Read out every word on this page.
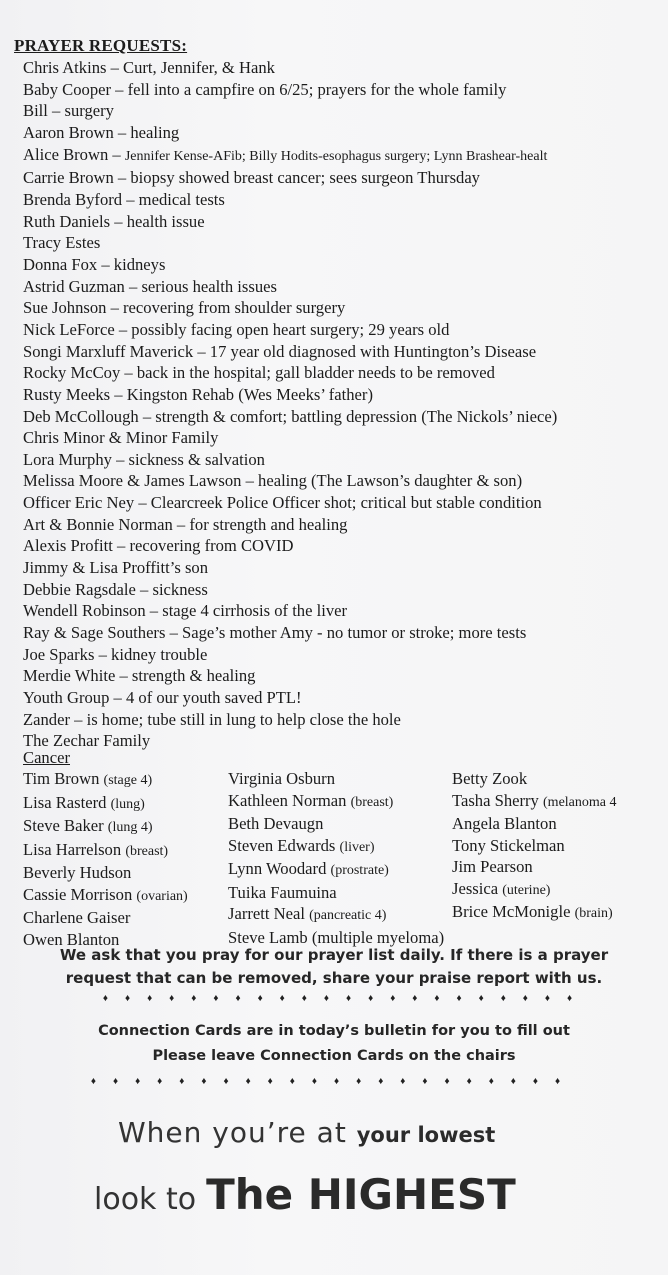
PRAYER REQUESTS:
Chris Atkins – Curt, Jennifer, & Hank
Baby Cooper – fell into a campfire on 6/25; prayers for the whole family
Bill – surgery
Aaron Brown – healing
Alice Brown – Jennifer Kense-AFib; Billy Hodits-esophagus surgery; Lynn Brashear-healt
Carrie Brown – biopsy showed breast cancer; sees surgeon Thursday
Brenda Byford – medical tests
Ruth Daniels – health issue
Tracy Estes
Donna Fox – kidneys
Astrid Guzman – serious health issues
Sue Johnson – recovering from shoulder surgery
Nick LeForce – possibly facing open heart surgery; 29 years old
Songi Marxluff Maverick – 17 year old diagnosed with Huntington’s Disease
Rocky McCoy – back in the hospital; gall bladder needs to be removed
Rusty Meeks – Kingston Rehab (Wes Meeks’ father)
Deb McCollough – strength & comfort; battling depression (The Nickols’ niece)
Chris Minor & Minor Family
Lora Murphy – sickness & salvation
Melissa Moore & James Lawson – healing (The Lawson’s daughter & son)
Officer Eric Ney – Clearcreek Police Officer shot; critical but stable condition
Art & Bonnie Norman – for strength and healing
Alexis Profitt – recovering from COVID
Jimmy & Lisa Proffitt’s son
Debbie Ragsdale – sickness
Wendell Robinson – stage 4 cirrhosis of the liver
Ray & Sage Southers – Sage’s mother Amy - no tumor or stroke; more tests
Joe Sparks – kidney trouble
Merdie White – strength & healing
Youth Group – 4 of our youth saved PTL!
Zander – is home; tube still in lung to help close the hole
The Zechar Family
Cancer
Tim Brown (stage 4)
Lisa Rasterd (lung)
Steve Baker (lung 4)
Lisa Harrelson (breast)
Beverly Hudson
Cassie Morrison (ovarian)
Charlene Gaiser
Owen Blanton
Virginia Osburn
Kathleen Norman (breast)
Beth Devaugn
Steven Edwards (liver)
Lynn Woodard (prostrate)
Tuika Faumuina
Jarrett Neal (pancreatic 4)
Steve Lamb (multiple myeloma)
Betty Zook
Tasha Sherry (melanoma 4
Angela Blanton
Tony Stickelman
Jim Pearson
Jessica (uterine)
Brice McMonigle (brain)
We ask that you pray for our prayer list daily. If there is a prayer
request that can be removed, share your praise report with us.
♦♦♦♦♦♦♦♦♦♦♦♦♦♦♦♦♦♦♦♦♦♦
Connection Cards are in today’s bulletin for you to fill out
Please leave Connection Cards on the chairs
♦♦♦♦♦♦♦♦♦♦♦♦♦♦♦♦♦♦♦♦♦♦
When you’re at your lowest
look to The HIGHEST
